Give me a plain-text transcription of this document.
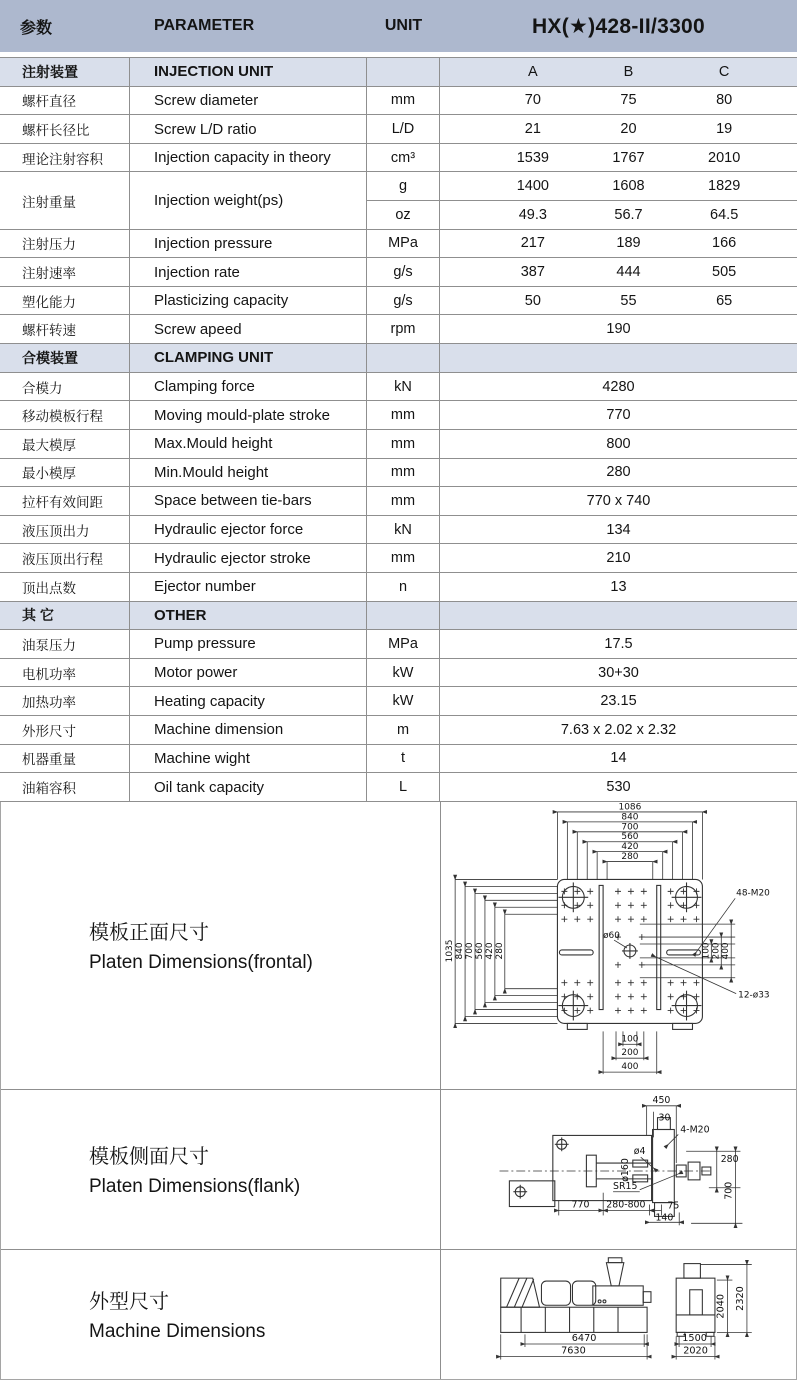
参数	PARAMETER	UNIT	HX(★)428-II/3300
注射装置	INJECTION UNIT	A	B	C
螺杆直径	Screw diameter	mm	70	75	80
螺杆长径比	Screw L/D ratio	L/D	21	20	19
理论注射容积	Injection capacity in theory	cm³	1539	1767	2010
注射重量	Injection weight(ps)
g	1400	1608	1829
oz	49.3	56.7	64.5
注射压力	Injection pressure	MPa	217	189	166
注射速率	Injection rate	g/s	387	444	505
塑化能力	Plasticizing capacity	g/s	50	55	65
螺杆转速	Screw apeed	rpm	190
合模装置	CLAMPING UNIT
合模力	Clamping force	kN	4280
移动模板行程	Moving mould-plate stroke	mm	770
最大模厚	Max.Mould height	mm	800
最小模厚	Min.Mould height	mm	280
拉杆有效间距	Space between tie-bars	mm	770 x 740
液压顶出力	Hydraulic ejector force	kN	134
液压顶出行程	Hydraulic ejector stroke	mm	210
顶出点数	Ejector number	n	13
其 它	OTHER
油泵压力	Pump pressure	MPa	17.5
电机功率	Motor power	kW	30+30
加热功率	Heating capacity	kW	23.15
外形尺寸	Machine dimension	m	7.63 x 2.02 x 2.32
机器重量	Machine wight	t	14
油箱容积	Oil tank capacity	L	530
模板正面尺寸
Platen Dimensions(frontal)
1086
840
700
560
420
280
1035 840 700 560 420 280	100 200 400
100
200
400
48-M20
ø60
12-ø33
模板侧面尺寸
Platen Dimensions(flank)
450
30
4-M20
ø4
ø160
SR15
280
700
770 280-800 75
140
外型尺寸
Machine Dimensions	6470
7630
2040 2320
1500
2020
